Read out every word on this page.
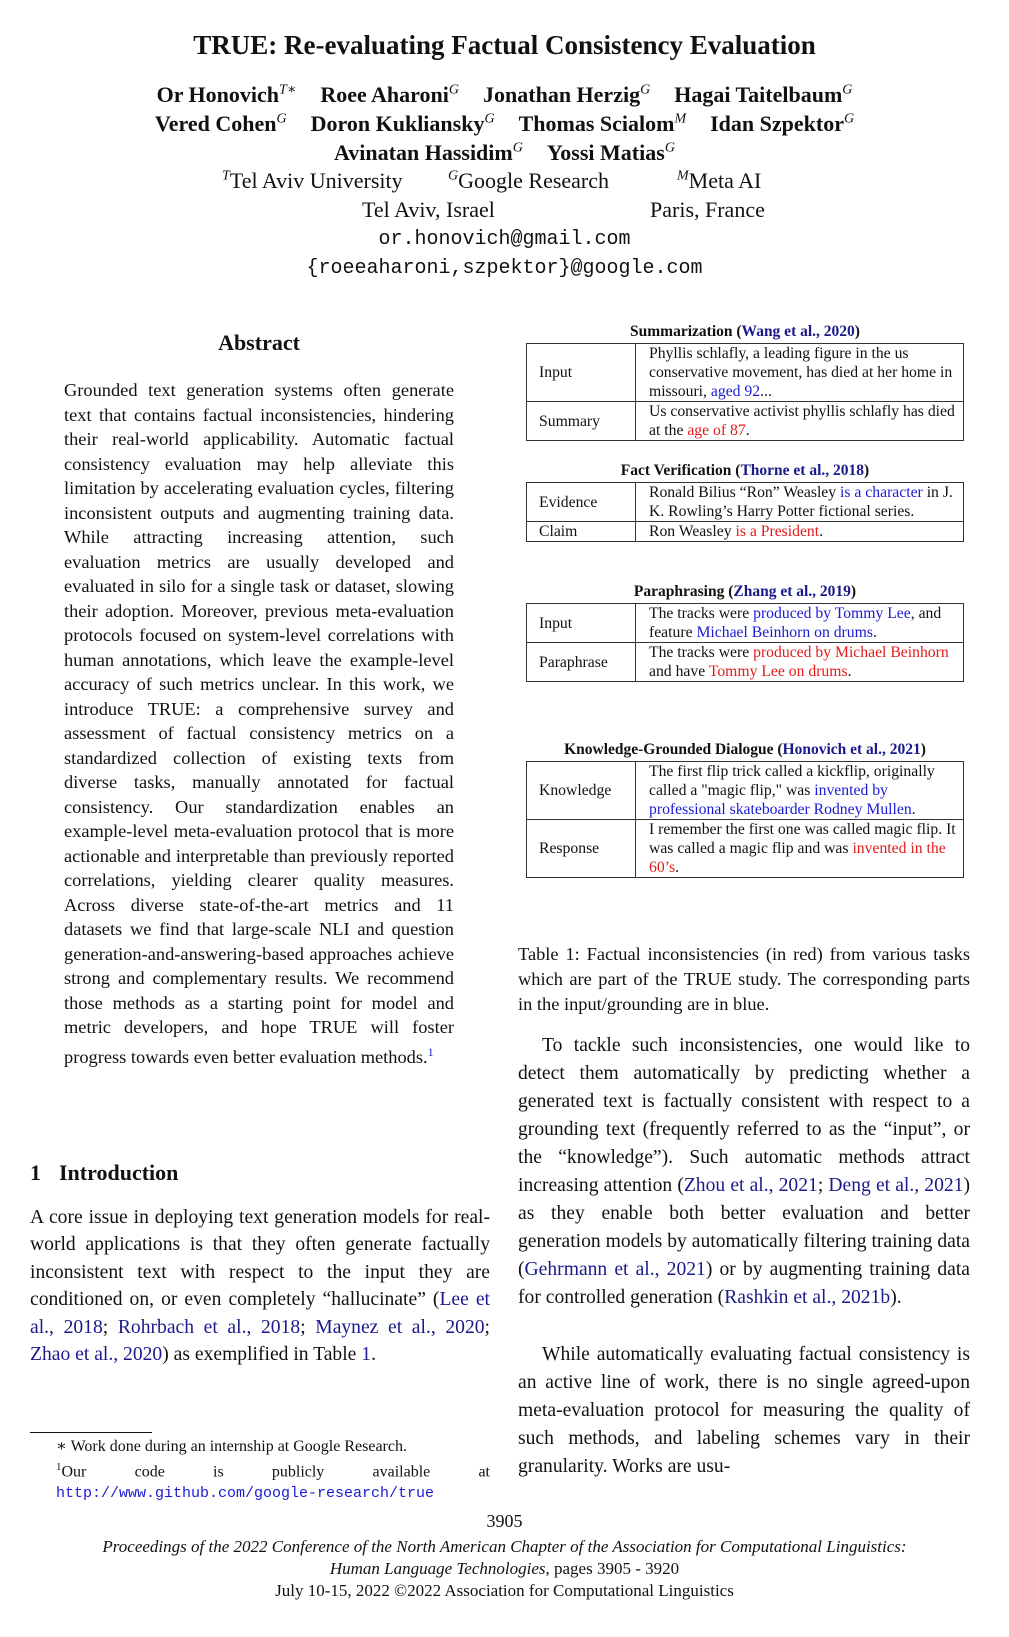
TRUE: Re-evaluating Factual Consistency Evaluation
Or Honovich$^{T∗}$ Roee Aharoni$^G$ Jonathan Herzig$^G$ Hagai Taitelbaum$^G$
Vered Cohen$^G$ Doron Kukliansky$^G$ Thomas Scialom$^M$ Idan Szpektor$^G$
Avinatan Hassidim$^G$ Yossi Matias$^G$
$^T$Tel Aviv University	$^G$Google Research	$^M$Meta AI
Tel Aviv, Israel	Paris, France
or.honovich@gmail.com
{roeeaharoni,szpektor}@google.com
Abstract
Grounded text generation systems often generate text that contains factual inconsistencies, hindering their real-world applicability. Automatic factual consistency evaluation may help alleviate this limitation by accelerating evaluation cycles, filtering inconsistent outputs and augmenting training data. While attracting increasing attention, such evaluation metrics are usually developed and evaluated in silo for a single task or dataset, slowing their adoption. Moreover, previous meta-evaluation protocols focused on system-level correlations with human annotations, which leave the example-level accuracy of such metrics unclear. In this work, we introduce TRUE: a comprehensive survey and assessment of factual consistency metrics on a standardized collection of existing texts from diverse tasks, manually annotated for factual consistency. Our standardization enables an example-level meta-evaluation protocol that is more actionable and interpretable than previously reported correlations, yielding clearer quality measures. Across diverse state-of-the-art metrics and 11 datasets we find that large-scale NLI and question generation-and-answering-based approaches achieve strong and complementary results. We recommend those methods as a starting point for model and metric developers, and hope TRUE will foster progress towards even better evaluation methods.$^1$
1 Introduction
A core issue in deploying text generation models for real-world applications is that they often generate factually inconsistent text with respect to the input they are conditioned on, or even completely “hallucinate” (Lee et al., 2018; Rohrbach et al., 2018; Maynez et al., 2020; Zhao et al., 2020) as exemplified in Table 1.
∗ Work done during an internship at Google Research.
$^1$Our code is publicly available at http://www.github.com/google-research/true
Summarization (Wang et al., 2020)
Input	Phyllis schlafly, a leading figure in the us conservative movement, has died at her home in missouri, aged 92...
Summary	Us conservative activist phyllis schlafly has died at the age of 87.
Fact Verification (Thorne et al., 2018)
Evidence	Ronald Bilius “Ron” Weasley is a character in J. K. Rowling’s Harry Potter fictional series.
Claim	Ron Weasley is a President.
Paraphrasing (Zhang et al., 2019)
Input	The tracks were produced by Tommy Lee, and feature Michael Beinhorn on drums.
Paraphrase	The tracks were produced by Michael Beinhorn and have Tommy Lee on drums.
Knowledge-Grounded Dialogue (Honovich et al., 2021)
Knowledge	The first flip trick called a kickflip, originally called a "magic flip," was invented by professional skateboarder Rodney Mullen.
Response	I remember the first one was called magic flip. It was called a magic flip and was invented in the 60’s.
Table 1: Factual inconsistencies (in red) from various tasks which are part of the TRUE study. The corresponding parts in the input/grounding are in blue.
To tackle such inconsistencies, one would like to detect them automatically by predicting whether a generated text is factually consistent with respect to a grounding text (frequently referred to as the “input”, or the “knowledge”). Such automatic methods attract increasing attention (Zhou et al., 2021; Deng et al., 2021) as they enable both better evaluation and better generation models by automatically filtering training data (Gehrmann et al., 2021) or by augmenting training data for controlled generation (Rashkin et al., 2021b).
While automatically evaluating factual consistency is an active line of work, there is no single agreed-upon meta-evaluation protocol for measuring the quality of such methods, and labeling schemes vary in their granularity. Works are usu-
3905
Proceedings of the 2022 Conference of the North American Chapter of the Association for Computational Linguistics:
Human Language Technologies, pages 3905 - 3920
July 10-15, 2022 ©2022 Association for Computational Linguistics
